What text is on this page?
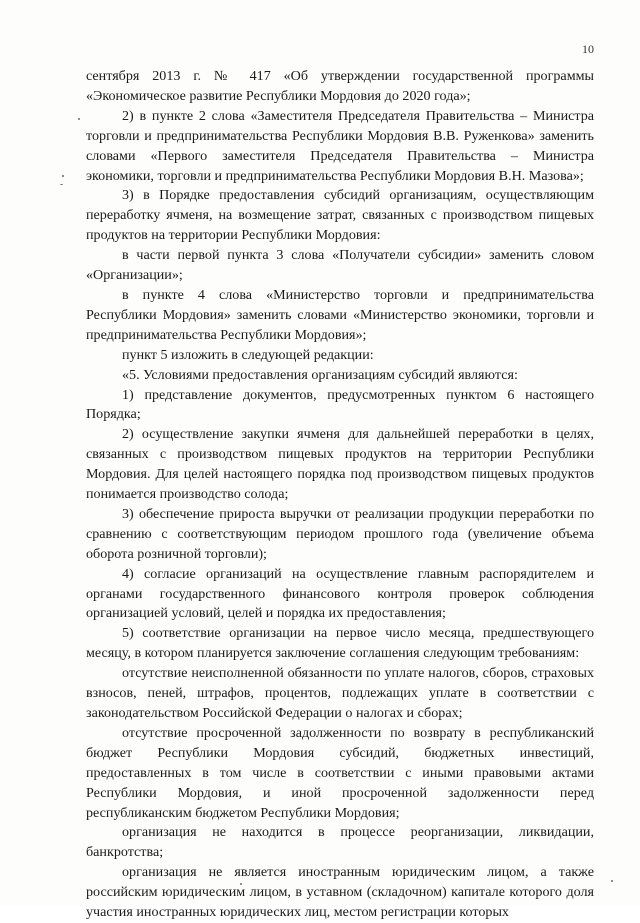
10

сентября 2013 г. № 417 «Об утверждении государственной программы «Экономическое развитие Республики Мордовия до 2020 года»;

2) в пункте 2 слова «Заместителя Председателя Правительства – Министра торговли и предпринимательства Республики Мордовия В.В. Руженкова» заменить словами «Первого заместителя Председателя Правительства – Министра экономики, торговли и предпринимательства Республики Мордовия В.Н. Мазова»;

3) в Порядке предоставления субсидий организациям, осуществляющим переработку ячменя, на возмещение затрат, связанных с производством пищевых продуктов на территории Республики Мордовия:

в части первой пункта 3 слова «Получатели субсидии» заменить словом «Организации»;

в пункте 4 слова «Министерство торговли и предпринимательства Республики Мордовия» заменить словами «Министерство экономики, торговли и предпринимательства Республики Мордовия»;

пункт 5 изложить в следующей редакции:

«5. Условиями предоставления организациям субсидий являются:

1) представление документов, предусмотренных пунктом 6 настоящего Порядка;

2) осуществление закупки ячменя для дальнейшей переработки в целях, связанных с производством пищевых продуктов на территории Республики Мордовия. Для целей настоящего порядка под производством пищевых продуктов понимается производство солода;

3) обеспечение прироста выручки от реализации продукции переработки по сравнению с соответствующим периодом прошлого года (увеличение объема оборота розничной торговли);

4) согласие организаций на осуществление главным распорядителем и органами государственного финансового контроля проверок соблюдения организацией условий, целей и порядка их предоставления;

5) соответствие организации на первое число месяца, предшествующего месяцу, в котором планируется заключение соглашения следующим требованиям:

отсутствие неисполненной обязанности по уплате налогов, сборов, страховых взносов, пеней, штрафов, процентов, подлежащих уплате в соответствии с законодательством Российской Федерации о налогах и сборах;

отсутствие просроченной задолженности по возврату в республиканский бюджет Республики Мордовия субсидий, бюджетных инвестиций, предоставленных в том числе в соответствии с иными правовыми актами Республики Мордовия, и иной просроченной задолженности перед республиканским бюджетом Республики Мордовия;

организация не находится в процессе реорганизации, ликвидации, банкротства;

организация не является иностранным юридическим лицом, а также российским юридическим лицом, в уставном (складочном) капитале которого доля участия иностранных юридических лиц, местом регистрации которых
